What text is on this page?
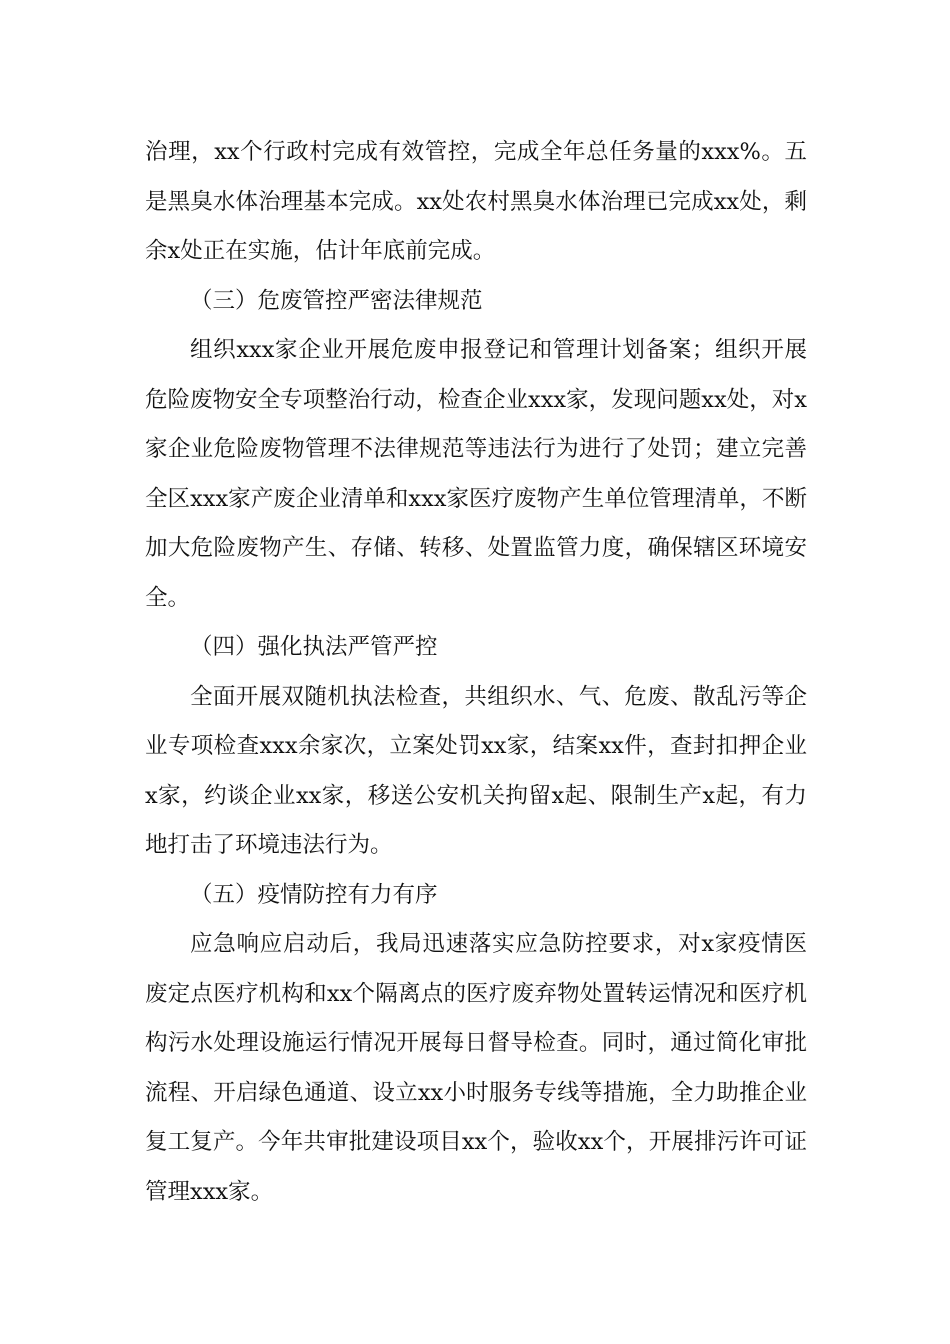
治理，xx个行政村完成有效管控，完成全年总任务量的xxx%。五是黑臭水体治理基本完成。xx处农村黑臭水体治理已完成xx处，剩余x处正在实施，估计年底前完成。

（三）危废管控严密法律规范

组织xxx家企业开展危废申报登记和管理计划备案；组织开展危险废物安全专项整治行动，检查企业xxx家，发现问题xx处，对x家企业危险废物管理不法律规范等违法行为进行了处罚；建立完善全区xxx家产废企业清单和xxx家医疗废物产生单位管理清单，不断加大危险废物产生、存储、转移、处置监管力度，确保辖区环境安全。

（四）强化执法严管严控

全面开展双随机执法检查，共组织水、气、危废、散乱污等企业专项检查xxx余家次，立案处罚xx家，结案xx件，查封扣押企业x家，约谈企业xx家，移送公安机关拘留x起、限制生产x起，有力地打击了环境违法行为。

（五）疫情防控有力有序

应急响应启动后，我局迅速落实应急防控要求，对x家疫情医废定点医疗机构和xx个隔离点的医疗废弃物处置转运情况和医疗机构污水处理设施运行情况开展每日督导检查。同时，通过简化审批流程、开启绿色通道、设立xx小时服务专线等措施，全力助推企业复工复产。今年共审批建设项目xx个，验收xx个，开展排污许可证管理xxx家。
